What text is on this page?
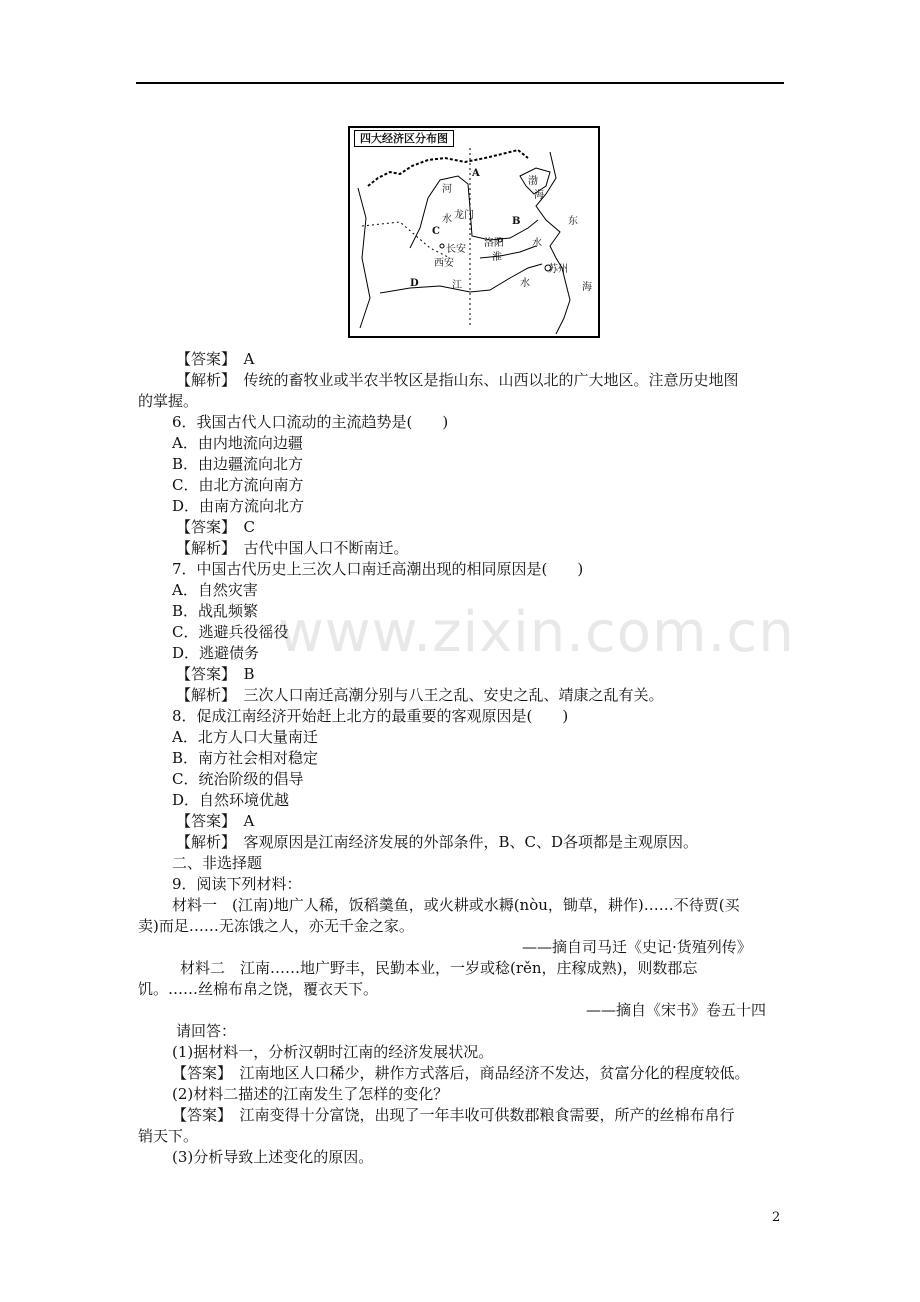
四大经济区分布图
A
B
C
D
河
水 龙门
渤
海
东
海
长安
西安
洛阳
淮
水
苏州
江	水
www.zixin.com.cn
【答案】　A
【解析】　传统的畜牧业或半农半牧区是指山东、山西以北的广大地区。注意历史地图
的掌握。
6．我国古代人口流动的主流趋势是(　　)
A．由内地流向边疆
B．由边疆流向北方
C．由北方流向南方
D．由南方流向北方
【答案】　C
【解析】　古代中国人口不断南迁。
7．中国古代历史上三次人口南迁高潮出现的相同原因是(　　)
A．自然灾害
B．战乱频繁
C．逃避兵役徭役
D．逃避债务
【答案】　B
【解析】　三次人口南迁高潮分别与八王之乱、安史之乱、靖康之乱有关。
8．促成江南经济开始赶上北方的最重要的客观原因是(　　)
A．北方人口大量南迁
B．南方社会相对稳定
C．统治阶级的倡导
D．自然环境优越
【答案】　A
【解析】　客观原因是江南经济发展的外部条件，B、C、D各项都是主观原因。
二、非选择题
9．阅读下列材料：
材料一　(江南)地广人稀，饭稻羹鱼，或火耕或水耨(nòu，锄草，耕作)……不待贾(买
卖)而足……无冻饿之人，亦无千金之家。
——摘自司马迁《史记·货殖列传》
材料二　江南……地广野丰，民勤本业，一岁或稔(rěn，庄稼成熟)，则数郡忘
饥。……丝棉布帛之饶，覆衣天下。
——摘自《宋书》卷五十四
请回答：
(1)据材料一，分析汉朝时江南的经济发展状况。
【答案】　江南地区人口稀少，耕作方式落后，商品经济不发达，贫富分化的程度较低。
(2)材料二描述的江南发生了怎样的变化？
【答案】　江南变得十分富饶，出现了一年丰收可供数郡粮食需要，所产的丝棉布帛行
销天下。
(3)分析导致上述变化的原因。
2
